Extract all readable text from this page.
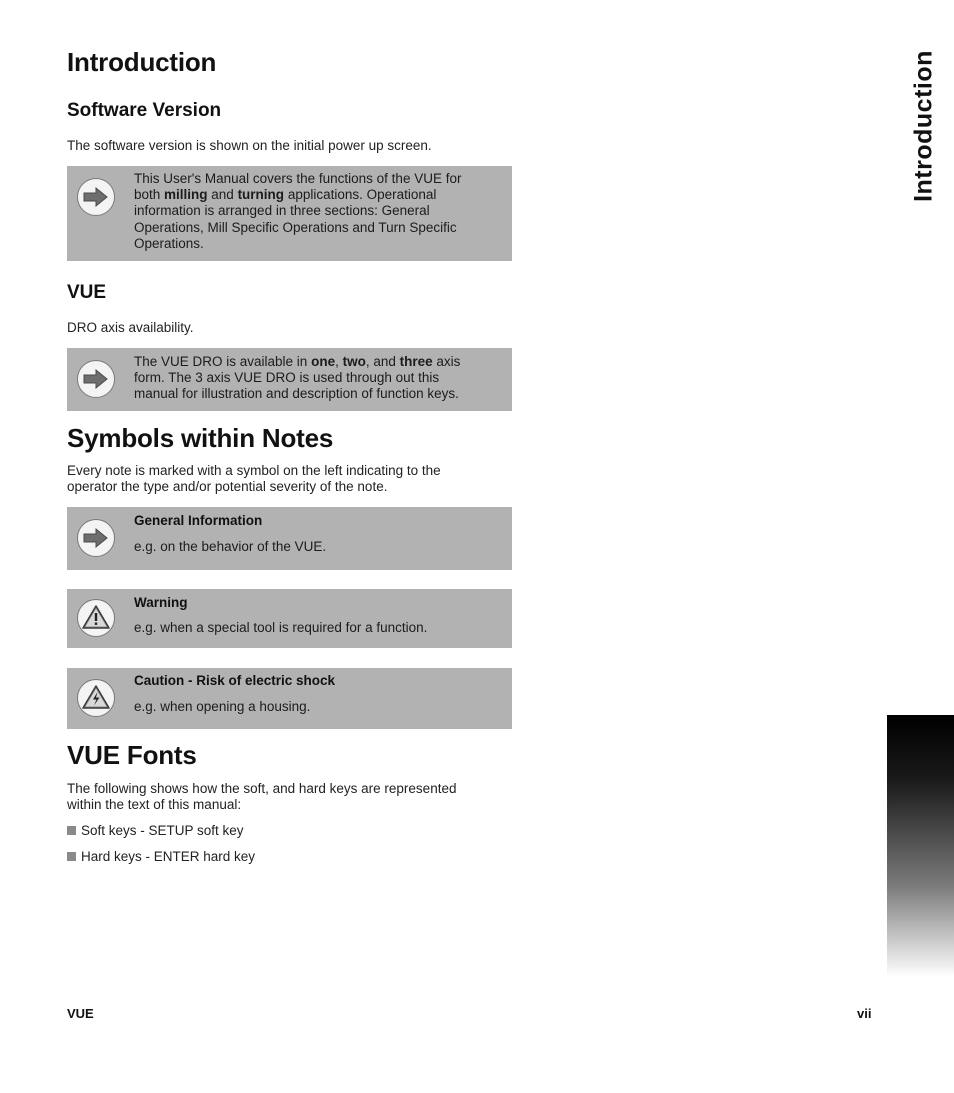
Introduction
Software Version

The software version is shown on the initial power up screen.

This User's Manual covers the functions of the VUE for
both milling and turning applications. Operational
information is arranged in three sections: General
Operations, Mill Specific Operations and Turn Specific
Operations.
VUE

DRO axis availability.

The VUE DRO is available in one, two, and three axis
form. The 3 axis VUE DRO is used through out this
manual for illustration and description of function keys.
Symbols within Notes

Every note is marked with a symbol on the left indicating to the

operator the type and/or potential severity of the note.

General Information
e.g. on the behavior of the VUE.
Warning
e.g. when a special tool is required for a function.
Caution - Risk of electric shock
e.g. when opening a housing.
VUE Fonts

The following shows how the soft, and hard keys are represented

within the text of this manual:

Soft keys - SETUP soft key

Hard keys - ENTER hard key

Introduction
VUE	vii
